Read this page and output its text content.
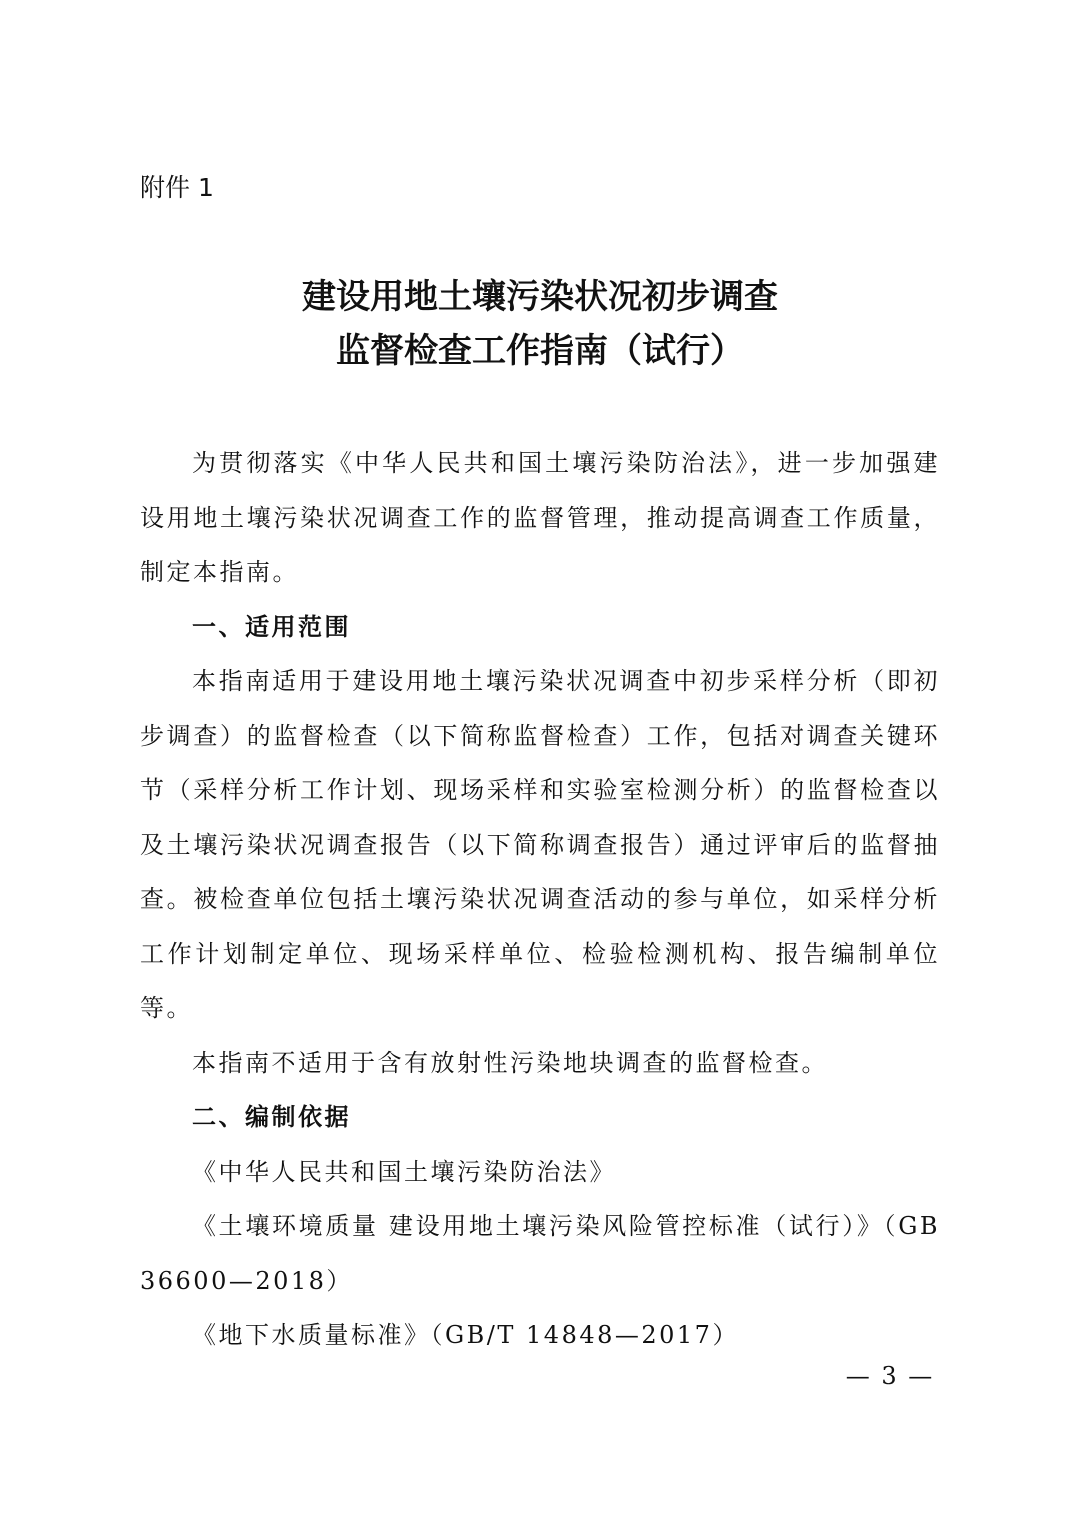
附件 1

建设用地土壤污染状况初步调查
监督检查工作指南（试行）

为贯彻落实《中华人民共和国土壤污染防治法》，进一步加强建设用地土壤污染状况调查工作的监督管理，推动提高调查工作质量，制定本指南。

一、适用范围

本指南适用于建设用地土壤污染状况调查中初步采样分析（即初步调查）的监督检查（以下简称监督检查）工作，包括对调查关键环节（采样分析工作计划、现场采样和实验室检测分析）的监督检查以及土壤污染状况调查报告（以下简称调查报告）通过评审后的监督抽查。被检查单位包括土壤污染状况调查活动的参与单位，如采样分析工作计划制定单位、现场采样单位、检验检测机构、报告编制单位等。

本指南不适用于含有放射性污染地块调查的监督检查。

二、编制依据

《中华人民共和国土壤污染防治法》

《土壤环境质量 建设用地土壤污染风险管控标准（试行）》（GB 36600—2018）

《地下水质量标准》（GB/T 14848—2017）

— 3 —
